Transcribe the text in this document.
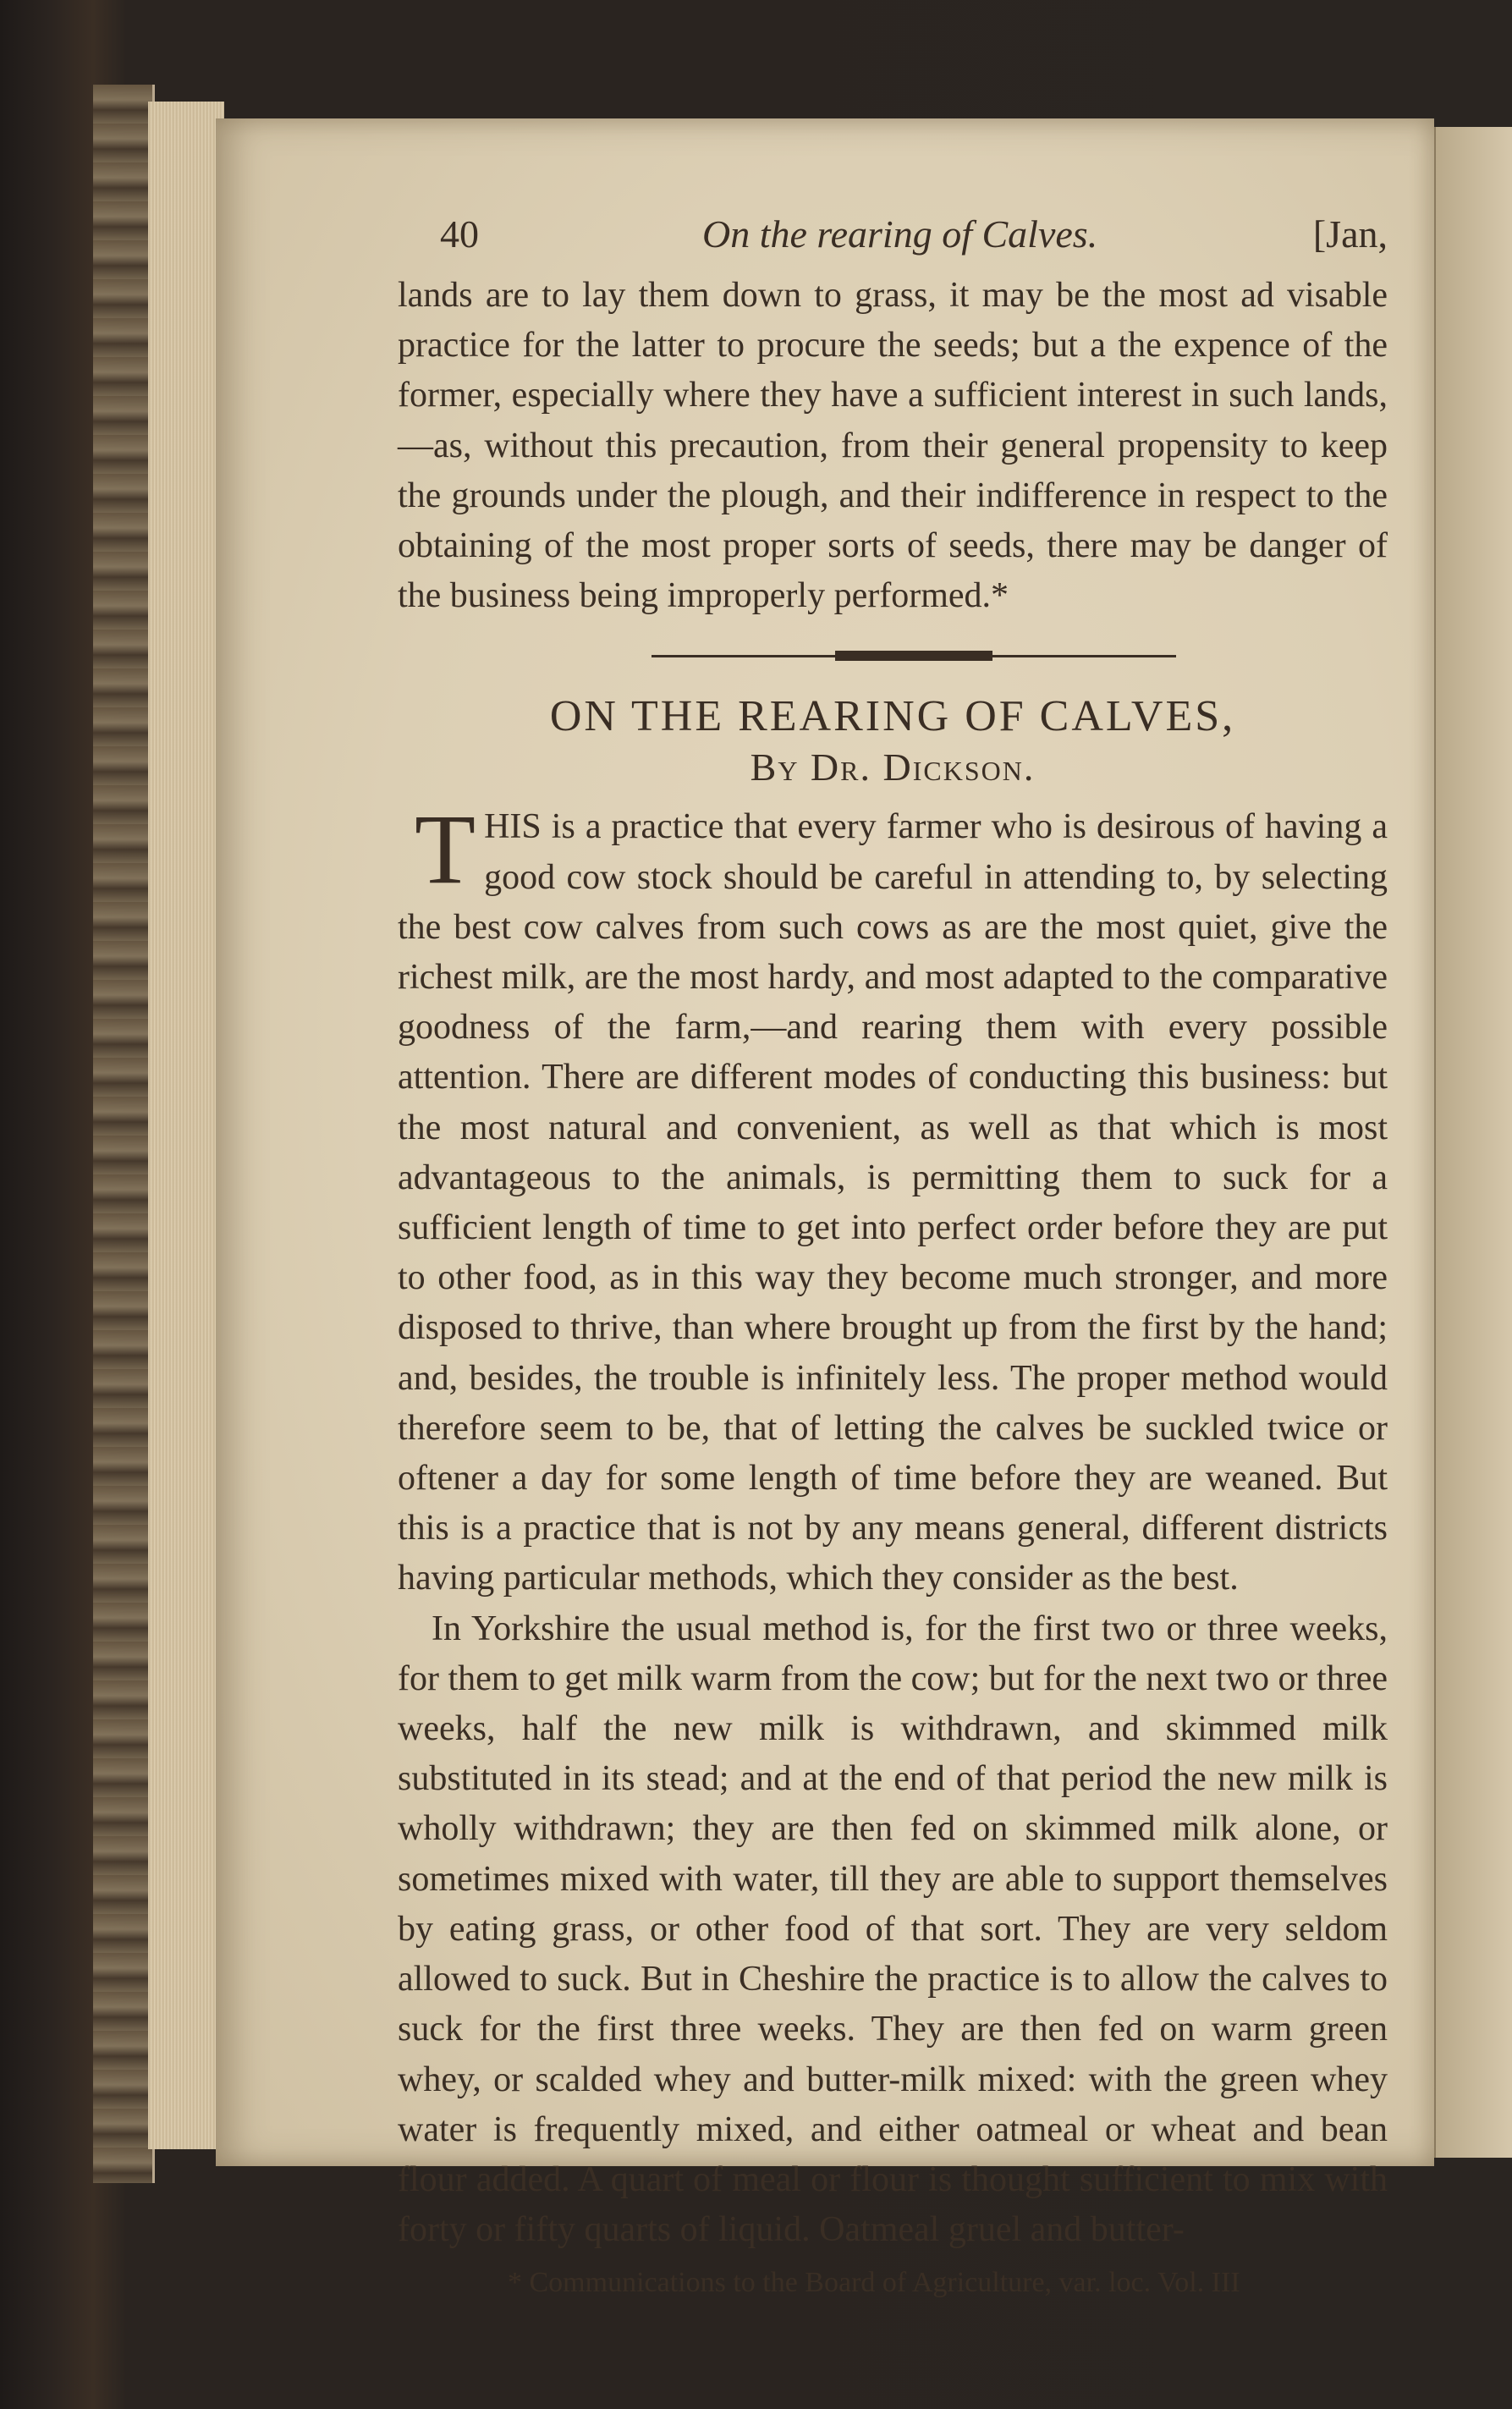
40	On the rearing of Calves.	[Jan,

lands are to lay them down to grass, it may be the most ad visable practice for the latter to procure the seeds; but a the expence of the former, especially where they have a sufficient interest in such lands,—as, without this precaution, from their general propensity to keep the grounds under the plough, and their indifference in respect to the obtaining of the most proper sorts of seeds, there may be danger of the business being improperly performed.*

ON THE REARING OF CALVES,

By Dr. Dickson.

THIS is a practice that every farmer who is desirous of having a good cow stock should be careful in attending to, by selecting the best cow calves from such cows as are the most quiet, give the richest milk, are the most hardy, and most adapted to the comparative goodness of the farm,—and rearing them with every possible attention. There are different modes of conducting this business: but the most natural and convenient, as well as that which is most advantageous to the animals, is permitting them to suck for a sufficient length of time to get into perfect order before they are put to other food, as in this way they become much stronger, and more disposed to thrive, than where brought up from the first by the hand; and, besides, the trouble is infinitely less. The proper method would therefore seem to be, that of letting the calves be suckled twice or oftener a day for some length of time before they are weaned. But this is a practice that is not by any means general, different districts having particular methods, which they consider as the best.

In Yorkshire the usual method is, for the first two or three weeks, for them to get milk warm from the cow; but for the next two or three weeks, half the new milk is withdrawn, and skimmed milk substituted in its stead; and at the end of that period the new milk is wholly withdrawn; they are then fed on skimmed milk alone, or sometimes mixed with water, till they are able to support themselves by eating grass, or other food of that sort. They are very seldom allowed to suck. But in Cheshire the practice is to allow the calves to suck for the first three weeks. They are then fed on warm green whey, or scalded whey and butter-milk mixed: with the green whey water is frequently mixed, and either oatmeal or wheat and bean flour added. A quart of meal or flour is thought sufficient to mix with forty or fifty quarts of liquid. Oatmeal gruel and butter-

* Communications to the Board of Agriculture, var. loc. Vol. III
